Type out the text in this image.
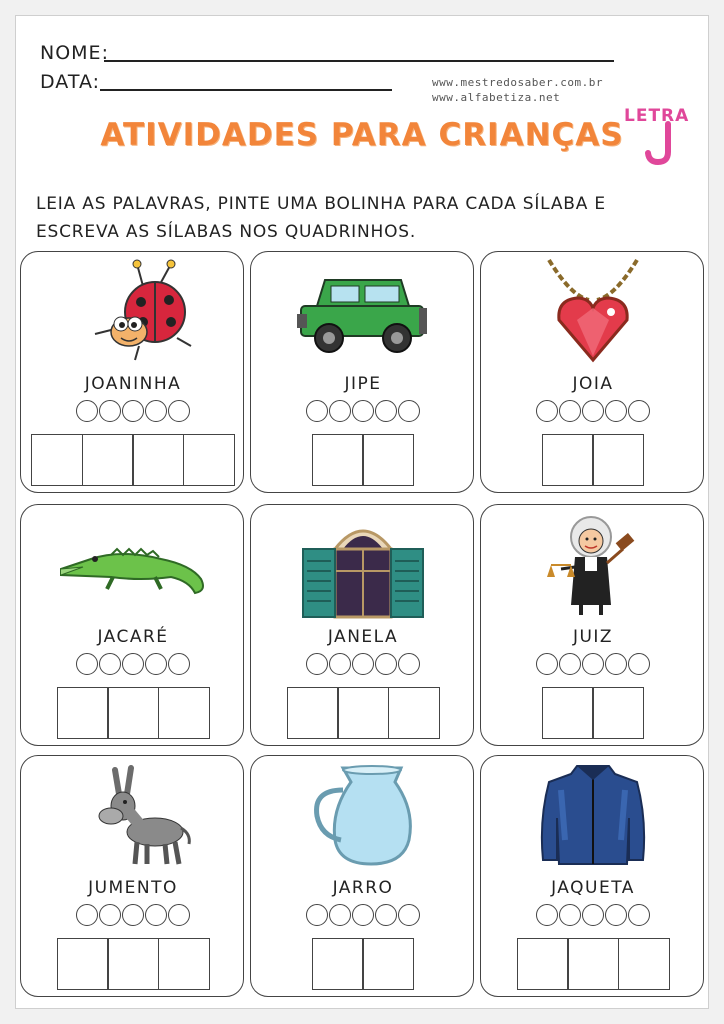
NOME:
DATA:	www.mestredosaber.com.br
www.alfabetiza.net
ATIVIDADES PARA CRIANÇAS
LETRA
LEIA AS PALAVRAS, PINTE UMA BOLINHA PARA CADA SÍLABA E
ESCREVA AS SÍLABAS NOS QUADRINHOS.
JOANINHA	JIPE	JOIA
JACARÉ	JANELA	JUIZ
JUMENTO	JARRO	JAQUETA
